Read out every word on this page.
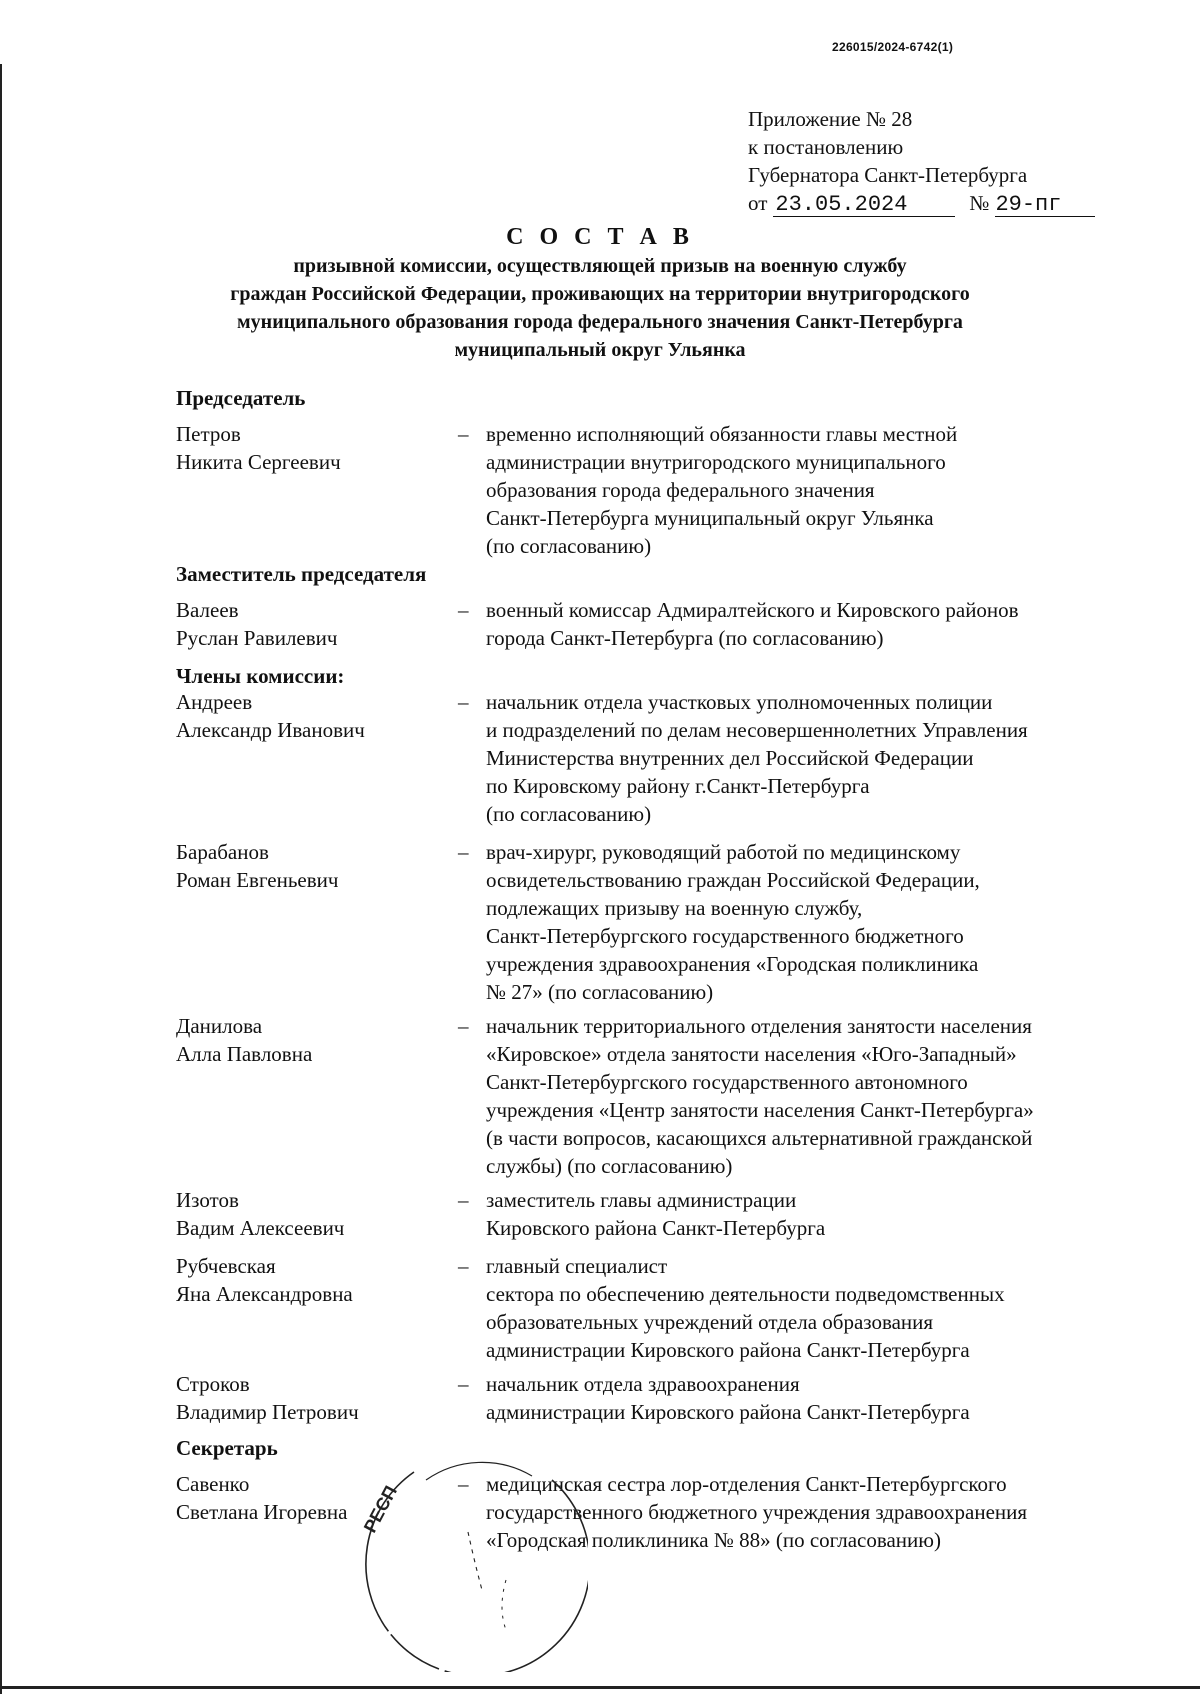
226015/2024-6742(1)
Приложение № 28
к постановлению
Губернатора Санкт-Петербурга
от 23.05.2024	№ 29-пг
С О С Т А В
призывной комиссии, осуществляющей призыв на военную службу
граждан Российской Федерации, проживающих на территории внутригородского
муниципального образования города федерального значения Санкт-Петербурга
муниципальный округ Ульянка
Председатель
Петров
Никита Сергеевич
– временно исполняющий обязанности главы местной
администрации внутригородского муниципального
образования города федерального значения
Санкт-Петербурга муниципальный округ Ульянка
(по согласованию)
Заместитель председателя
Валеев
Руслан Равилевич
– военный комиссар Адмиралтейского и Кировского районов
города Санкт-Петербурга (по согласованию)
Члены комиссии:
Андреев
Александр Иванович
– начальник отдела участковых уполномоченных полиции
и подразделений по делам несовершеннолетних Управления
Министерства внутренних дел Российской Федерации
по Кировскому району г.Санкт-Петербурга
(по согласованию)
Барабанов
Роман Евгеньевич
– врач-хирург, руководящий работой по медицинскому
освидетельствованию граждан Российской Федерации,
подлежащих призыву на военную службу,
Санкт-Петербургского государственного бюджетного
учреждения здравоохранения «Городская поликлиника
№ 27» (по согласованию)
Данилова
Алла Павловна
– начальник территориального отделения занятости населения
«Кировское» отдела занятости населения «Юго-Западный»
Санкт-Петербургского государственного автономного
учреждения «Центр занятости населения Санкт-Петербурга»
(в части вопросов, касающихся альтернативной гражданской
службы) (по согласованию)
Изотов
Вадим Алексеевич
– заместитель главы администрации
Кировского района Санкт-Петербурга
Рубчевская
Яна Александровна
– главный специалист
сектора по обеспечению деятельности подведомственных
образовательных учреждений отдела образования
администрации Кировского района Санкт-Петербурга
Строков
Владимир Петрович
– начальник отдела здравоохранения
администрации Кировского района Санкт-Петербурга
Секретарь
Савенко
Светлана Игоревна
– медицинская сестра лор-отделения Санкт-Петербургского
государственного бюджетного учреждения здравоохранения
«Городская поликлиника № 88» (по согласованию)
РЕСП
